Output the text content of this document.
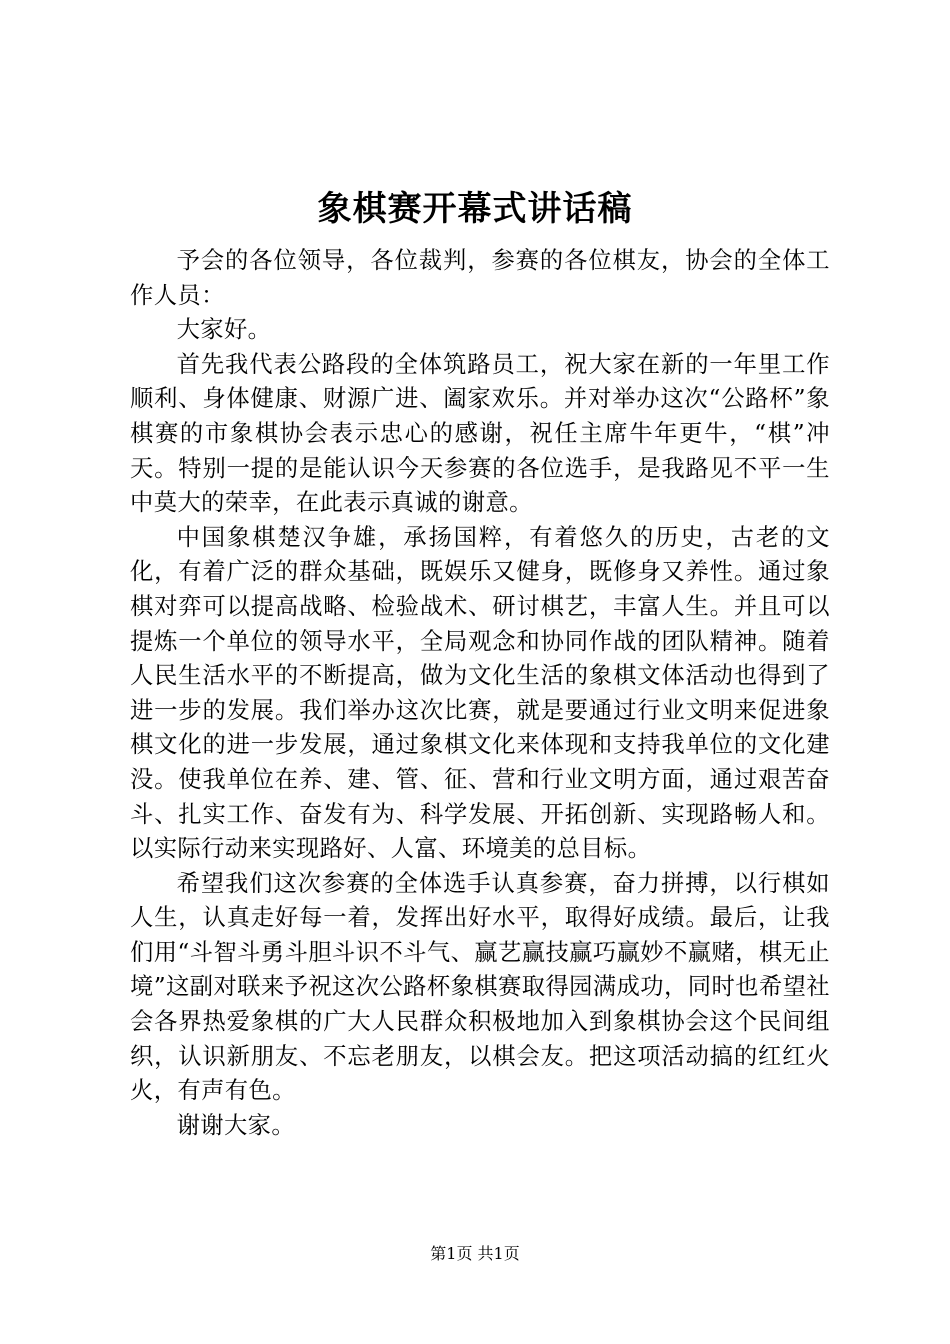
象棋赛开幕式讲话稿

予会的各位领导，各位裁判，参赛的各位棋友，协会的全体工作人员：

大家好。

首先我代表公路段的全体筑路员工，祝大家在新的一年里工作顺利、身体健康、财源广进、阖家欢乐。并对举办这次“公路杯”象棋赛的市象棋协会表示忠心的感谢，祝任主席牛年更牛，“棋”冲天。特别一提的是能认识今天参赛的各位选手，是我路见不平一生中莫大的荣幸，在此表示真诚的谢意。

中国象棋楚汉争雄，承扬国粹，有着悠久的历史，古老的文化，有着广泛的群众基础，既娱乐又健身，既修身又养性。通过象棋对弈可以提高战略、检验战术、研讨棋艺，丰富人生。并且可以提炼一个单位的领导水平，全局观念和协同作战的团队精神。随着人民生活水平的不断提高，做为文化生活的象棋文体活动也得到了进一步的发展。我们举办这次比赛，就是要通过行业文明来促进象棋文化的进一步发展，通过象棋文化来体现和支持我单位的文化建没。使我单位在养、建、管、征、营和行业文明方面，通过艰苦奋斗、扎实工作、奋发有为、科学发展、开拓创新、实现路畅人和。以实际行动来实现路好、人富、环境美的总目标。

希望我们这次参赛的全体选手认真参赛，奋力拼搏，以行棋如人生，认真走好每一着，发挥出好水平，取得好成绩。最后，让我们用“斗智斗勇斗胆斗识不斗气、赢艺赢技赢巧赢妙不赢赌，棋无止境”这副对联来予祝这次公路杯象棋赛取得园满成功，同时也希望社会各界热爱象棋的广大人民群众积极地加入到象棋协会这个民间组织，认识新朋友、不忘老朋友，以棋会友。把这项活动搞的红红火火，有声有色。

谢谢大家。

第1页 共1页
